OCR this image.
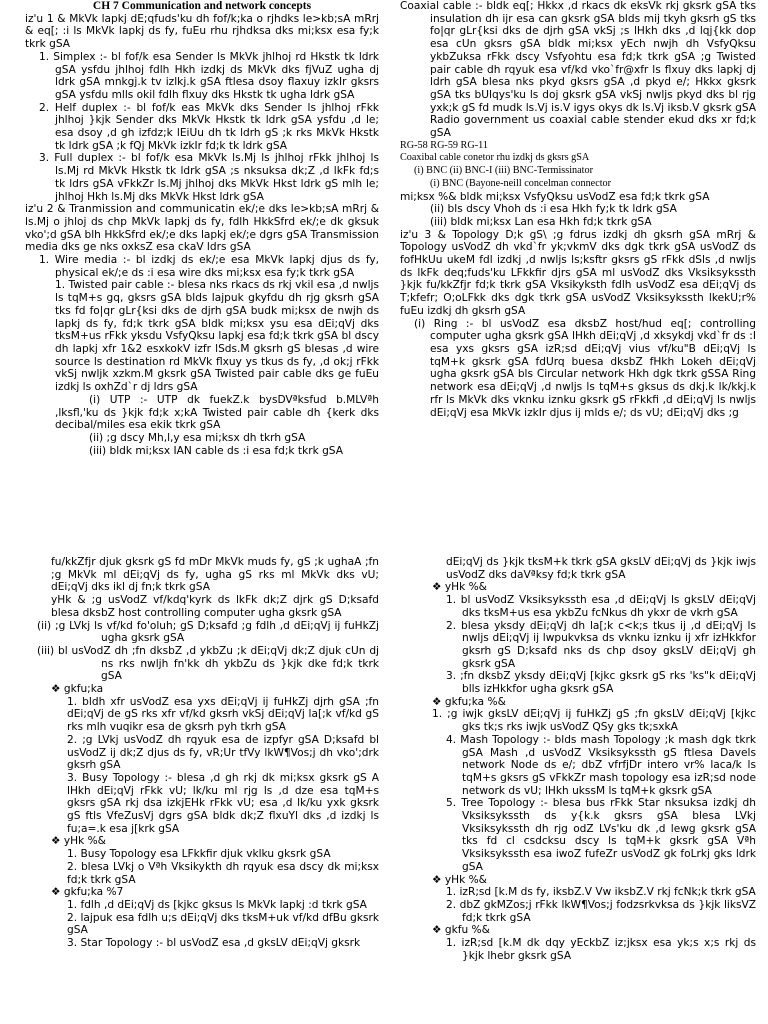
CH 7 Communication and network concepts

iz'u 1 & MkVk lapkj dE;qfuds'ku dh fof/k;ka o rjhdks le>kb;sA mRrj & eq[; :i ls MkVk lapkj ds fy, fuEu rhu rjhdksa dks mi;ksx esa fy;k tkrk gSA

1. Simplex :- bl fof/k esa Sender ls MkVk jhlhoj rd Hkstk tk ldrk gSA ysfdu jhlhoj fdlh Hkh izdkj ds MkVk dks fjVuZ ugha dj ldrk gSA mnkgj.k tv izlkj.k gSA ftlesa dsoy flaxuy izkIr gksrs gSA ysfdu mlls okil fdlh flxuy dks Hkstk tk ugha ldrk gSA

2. Helf duplex :- bl fof/k eas MkVk dks Sender ls jhlhoj rFkk jhlhoj }kjk Sender dks MkVk Hkstk tk ldrk gSA ysfdu ,d le; esa dsoy ,d gh izfdz;k lEiUu dh tk ldrh gS ;k rks MkVk Hkstk tk ldrk gSA ;k fQj MkVk izkIr fd;k tk ldrk gSA

3. Full duplex :- bl fof/k esa MkVk ls.Mj ls jhlhoj rFkk jhlhoj ls ls.Mj rd MkVk Hkstk tk ldrk gSA ;s nksuksa dk;Z ,d lkFk fd;s tk ldrs gSA vFkkZr ls.Mj jhlhoj dks MkVk Hkst ldrk gS mlh le; jhlhoj Hkh ls.Mj dks MkVk Hkst ldrk gSA

iz'u 2 & Tranmission and communicatin ek/;e dks le>kb;sA mRrj & ls.Mj o jhloj ds chp MkVk lapkj ds fy, fdlh HkkSfrd ek/;e dk gksuk vko';d gSA blh HkkSfrd ek/;e dks lapkj ek/;e dgrs gSA Transmission media dks ge nks oxksZ esa ckaV ldrs gSA

1. Wire media :- bl izdkj ds ek/;e esa MkVk lapkj djus ds fy, physical ek/;e ds :i esa wire dks mi;ksx esa fy;k tkrk gSA

1. Twisted pair cable :- blesa nks rkacs ds rkj vkil esa ,d nwljs ls tqM+s gq, gksrs gSA blds lajpuk gkyfdu dh rjg gksrh gSA tks fd fo|qr gLr{ksi dks de djrh gSA budk mi;ksx de nwjh ds lapkj ds fy, fd;k tkrk gSA bldk mi;ksx ysu esa dEi;qVj dks tksM+us rFkk yksdu VsfyQksu lapkj esa fd;k tkrk gSA bl dscy dh lapkj xfr 1&2 esxkokV izfr lSds.M gksrh gS blesas ,d wire source ls destination rd MkVk flxuy ys tkus ds fy, ,d ok;j rFkk vkSj nwljk xzkm.M gksrk gSA Twisted pair cable dks ge fuEu izdkj ls oxhZd`r dj ldrs gSA

(i) UTP :- UTP dk fuekZ.k bysDVªksfud b.MLVªh ,lksfl,'ku ds }kjk fd;k x;kA Twisted pair cable dh {kerk dks decibal/miles esa ekik tkrk gSA

(ii) ;g dscy Mh,l,y esa mi;ksx dh tkrh gSA

(iii) bldk mi;ksx IAN cable ds :i esa fd;k tkrk gSA

Coaxial cable :- bldk eq[; Hkkx ,d rkacs dk eksVk rkj gksrk gSA tks insulation dh ijr esa can gksrk gSA blds mij tkyh gksrh gS tks fo|qr gLr{ksi dks de djrh gSA vkSj ;s lHkh dks ,d lqj{kk dop esa cUn gksrs gSA bldk mi;ksx yEch nwjh dh VsfyQksu ykbZuksa rFkk dscy Vsfyohtu esa fd;k tkrk gSA ;g Twisted pair cable dh rqyuk esa vf/kd vko`fr@xfr ls flxuy dks lapkj dj ldrh gSA blesa nks pkyd gksrs gSA ,d pkyd e/; Hkkx gksrk gSA tks bUlqys'ku ls doj gksrk gSA vkSj nwljs pkyd dks bl rjg yxk;k gS fd mudk ls.Vj is.V igys okys dk ls.Vj iksb.V gksrk gSA Radio government us coaxial cable stender ekud dks xr fd;k gSA

RG-58 RG-59 RG-11

Coaxibal cable conetor rhu izdkj ds gksrs gSA

(i) BNC (ii) BNC-I (iii) BNC-Termissinator

(i) BNC (Bayone-neill concelman connector

mi;ksx %& bldk mi;ksx VsfyQksu usVodZ esa fd;k tkrk gSA

(ii) bls dscy Vhoh ds :i esa Hkh fy;k tk ldrk gSA

(iii) bldk mi;ksx Lan esa Hkh fd;k tkrk gSA

iz'u 3 & Topology D;k gS\ ;g fdrus izdkj dh gksrh gSA mRrj & Topology usVodZ dh vkd`fr yk;vkmV dks dgk tkrk gSA usVodZ ds fofHkUu ukeM fdl izdkj ,d nwljs ls;ksftr gksrs gS rFkk dSls ,d nwljs ds lkFk deq;fuds'ku LFkkfir djrs gSA ml usVodZ dks Vksiksykssth }kjk fu/kkZfjr fd;k tkrk gSA Vksikyksth fdlh usVodZ esa dEi;qVj ds T;kfefr; O;oLFkk dks dgk tkrk gSA usVodZ Vksiksykssth lkekU;r% fuEu izdkj dh gksrh gSA

(i) Ring :- bl usVodZ esa dksbZ host/hud eq[; controlling computer ugha gksrk gSA lHkh dEi;qVj ,d xksykdj vkd`fr ds :I esa yxs gksrs gSA izR;sd dEi;qVj vius vf/ku"B dEi;qVj ls tqM+k gksrk gSA fdUrq buesa dksbZ fHkh Lokeh dEi;qVj ugha gksrk gSA bls Circular network Hkh dgk tkrk gSSA Ring network esa dEi;qVj ,d nwljs ls tqM+s gksus ds dkj.k lk/kkj.k rfr ls MkVk dks vknku iznku gksrk gS rFkkfi ,d dEi;qVj ls nwljs dEi;qVj esa MkVk izkIr djus ij mlds e/; ds vU; dEi;qVj dks ;g

fu/kkZfjr djuk gksrk gS fd mDr MkVk muds fy, gS ;k ughaA ;fn ;g MkVk ml dEi;qVj ds fy, ugha gS rks ml MkVk dks vU; dEi;qVj dks ikl dj fn;k tkrk gSA

yHk & ;g usVodZ vf/kdq'kyrk ds lkFk dk;Z djrk gS D;ksafd blesa dksbZ host controlling computer ugha gksrk gSA

(ii) ;g LVkj ls vf/kd fo'oluh; gS D;ksafd ;g fdlh ,d dEi;qVj ij fuHkZj ugha gksrk gSA

(iii) bl usVodZ dh ;fn dksbZ ,d ykbZu ;k dEi;qVj dk;Z djuk cUn dj ns rks nwljh fn'kk dh ykbZu ds }kjk dke fd;k tkrk gSA

❖ gkfu;ka

1. bldh xfr usVodZ esa yxs dEi;qVj ij fuHkZj djrh gSA ;fn dEi;qVj de gS rks xfr vf/kd gksrh vkSj dEi;qVj la[;k vf/kd gS rks mlh vuqikr esa de gksrh pyh tkrh gSA

2. ;g LVkj usVodZ dh rqyuk esa de izpfyr gSA D;ksafd bl usVodZ ij dk;Z djus ds fy, vR;Ur tfVy lkW¶Vos;j dh vko';drk gksrh gSA

3. Busy Topology :- blesa ,d gh rkj dk mi;ksx gksrk gS A lHkh dEi;qVj rFkk vU; lk/ku ml rjg ls ,d dze esa tqM+s gksrs gSA rkj dsa izkjEHk rFkk vU; esa ,d lk/ku yxk gksrk gS ftls VfeZusVj dgrs gSA bldk dk;Z flxuYl dks ,d izdkj ls fu;a=.k esa j[krk gSA

❖ yHk %&

1. Busy Topology esa LFkkfir djuk vklku gksrk gSA

2. blesa LVkj o Vªh Vksikykth dh rqyuk esa dscy dk mi;ksx fd;k tkrk gSA

❖ gkfu;ka %7

1. fdlh ,d dEi;qVj ds [kjkc gksus ls MkVk lapkj :d tkrk gSA

2. lajpuk esa fdlh u;s dEi;qVj dks tksM+uk vf/kd dfBu gksrk gSA

3. Star Topology :- bl usVodZ esa ,d gksLV dEi;qVj gksrk

dEi;qVj ds }kjk tksM+k tkrk gSA gksLV dEi;qVj ds }kjk iwjs usVodZ dks daVªksy fd;k tkrk gSA

❖ yHk %&

1. bl usVodZ Vksiksykssth esa ,d dEi;qVj ls gksLV dEi;qVj dks tksM+us esa ykbZu fcNkus dh ykxr de vkrh gSA

2. blesa yksdy dEi;qVj dh la[;k c<k;s tkus ij ,d dEi;qVj ls nwljs dEi;qVj ij lwpukvksa ds vknku iznku ij xfr izHkkfor gksrh gS D;ksafd nks ds chp dsoy gksLV dEi;qVj gh gksrk gSA

3. ;fn dksbZ yksdy dEi;qVj [kjkc gksrk gS rks 'ks"k dEi;qVj blls izHkkfor ugha gksrk gSA

❖ gkfu;ka %&

1. ;g iwjk gksLV dEi;qVj ij fuHkZj gS ;fn gksLV dEi;qVj [kjkc gks tk;s rks iwjk usVodZ QSy gks tk;sxkA

4. Mash Topology :- blds mash Topology ;k mash dgk tkrk gSA Mash ,d usVodZ Vksiksykssth gS ftlesa Davels network Node ds e/; dbZ vfrfjDr intero vr% laca/k ls tqM+s gksrs gS vFkkZr mash topology esa izR;sd node network ds vU; lHkh ukssM ls tqM+k gksrk gSA

5. Tree Topology :- blesa bus rFkk Star nksuksa izdkj dh Vksiksykssth ds y{k.k gksrs gSA blesa LVkj Vksiksykssth dh rjg odZ LVs'ku dk ,d lewg gksrk gSA tks fd cl csdcksu dscy ls tqM+k gksrk gSA Vªh Vksiksykssth esa iwoZ fufeZr usVodZ gk foLrkj gks ldrk gSA

❖ yHk %&

1. izR;sd [k.M ds fy, iksbZ.V Vw iksbZ.V rkj fcNk;k tkrk gSA

2. dbZ gkMZos;j rFkk lkW¶Vos;j fodzsrkvksa ds }kjk liksVZ fd;k tkrk gSA

❖ gkfu %&

1. izR;sd [k.M dk dqy yEckbZ iz;jksx esa yk;s x;s rkj ds }kjk lhebr gksrk gSA
